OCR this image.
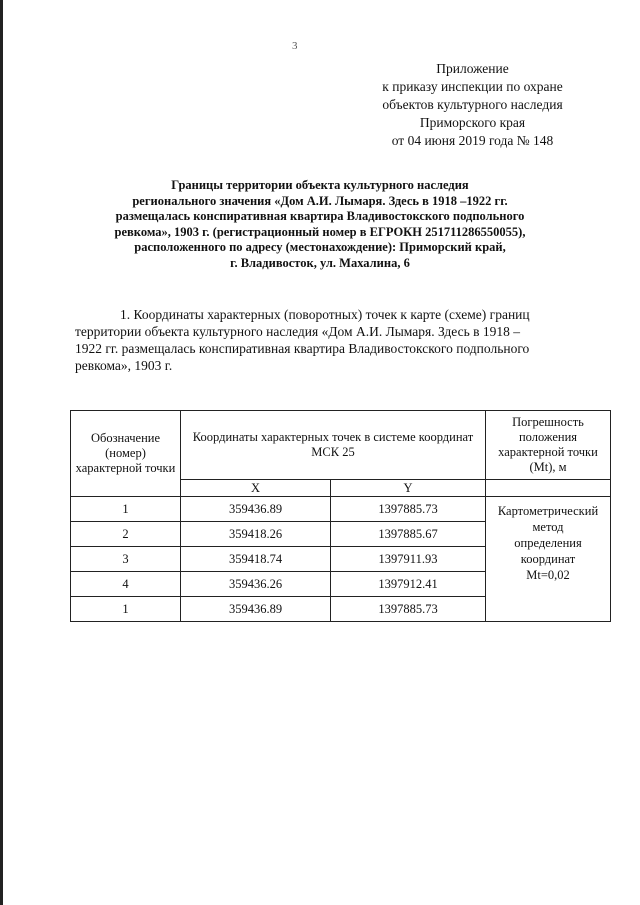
3
Приложение
к приказу инспекции по охране
объектов культурного наследия
Приморского края
от 04 июня 2019 года № 148
Границы территории объекта культурного наследия
регионального значения «Дом А.И. Лымаря. Здесь в 1918 –1922 гг.
размещалась конспиративная квартира Владивостокского подпольного
ревкома», 1903 г. (регистрационный номер в ЕГРОКН 251711286550055),
расположенного по адресу (местонахождение): Приморский край,
г. Владивосток, ул. Махалина, 6
1. Координаты характерных (поворотных) точек к карте (схеме) границ
территории объекта культурного наследия «Дом А.И. Лымаря. Здесь в 1918 –
1922 гг. размещалась конспиративная квартира Владивостокского подпольного
ревкома», 1903 г.
Обозначение (номер) характерной точки	Координаты характерных точек в системе координат МСК 25		Погрешность положения характерной точки (Mt), м
	X	Y	
1	359436.89	1397885.73	Картометрический
метод
определения
координат
Mt=0,02

2	359418.26	1397885.67	
3	359418.74	1397911.93	
4	359436.26	1397912.41	
1	359436.89	1397885.73	
